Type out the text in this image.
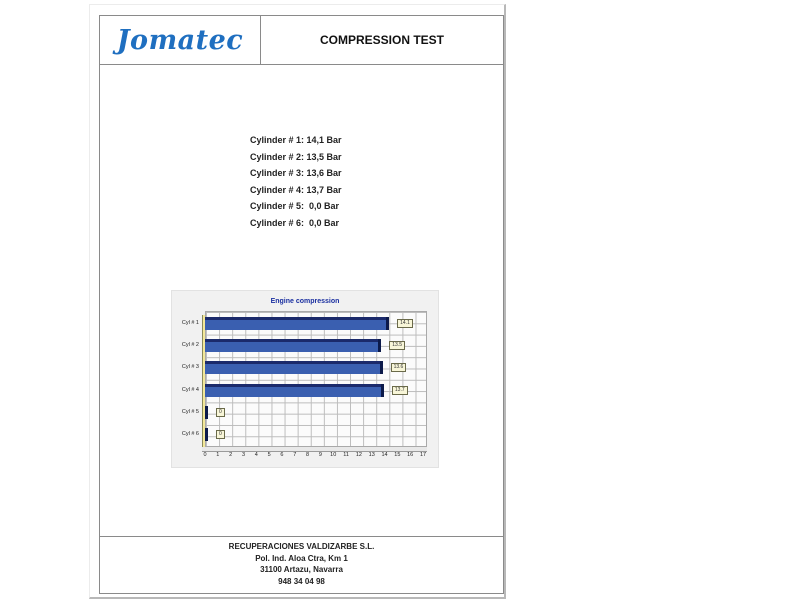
Jomatec	COMPRESSION TEST
Cylinder # 1: 14,1 Bar
Cylinder # 2: 13,5 Bar
Cylinder # 3: 13,6 Bar
Cylinder # 4: 13,7 Bar
Cylinder # 5:  0,0 Bar
Cylinder # 6:  0,0 Bar
Engine compression
Cyl # 1	14.1
Cyl # 2	13.5
Cyl # 3	13.6
Cyl # 4	13.7
Cyl # 5	0
Cyl # 6	0
0	1	2	3	4	5	6	7	8	9	10	11	12	13	14	15	16	17
RECUPERACIONES VALDIZARBE S.L.
Pol. Ind. Aloa Ctra, Km 1
31100 Artazu, Navarra
948 34 04 98
